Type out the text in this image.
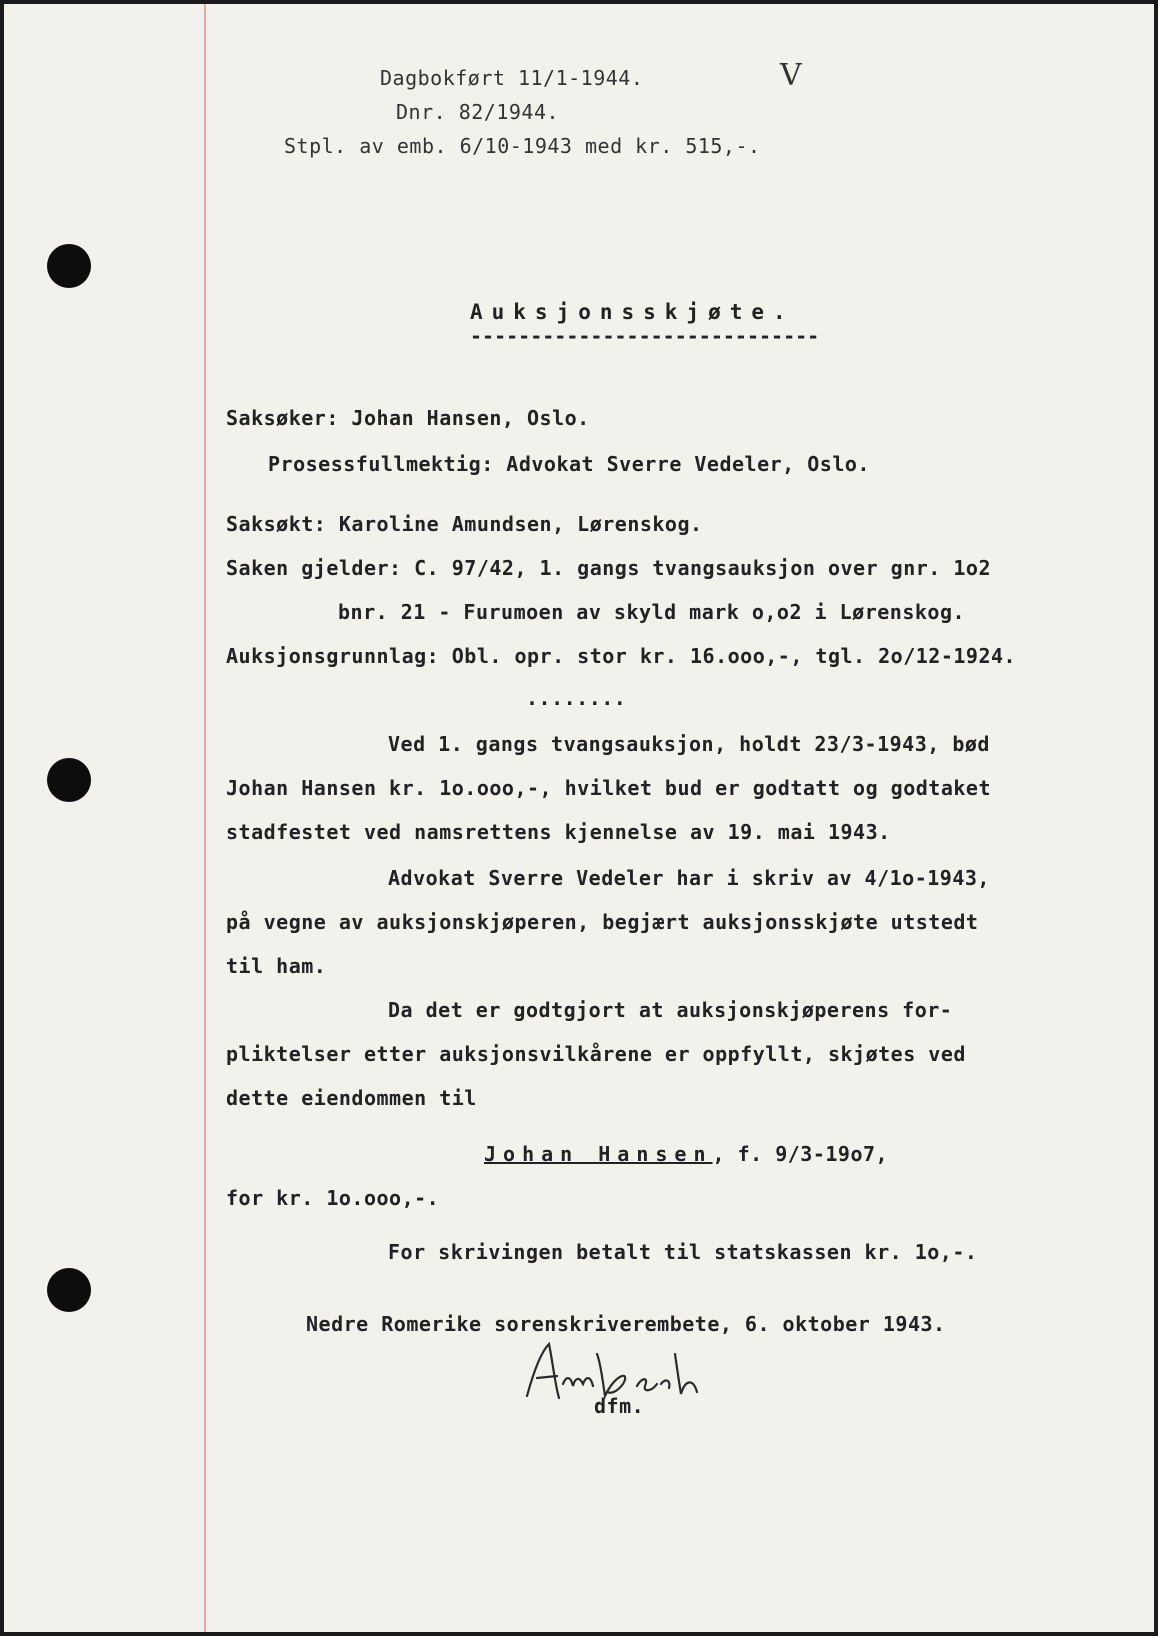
Dagbokført 11/1-1944.	V
Dnr. 82/1944.
Stpl. av emb. 6/10-1943 med kr. 515,-.
Auksjonsskjøte.
-----------------------------
Saksøker: Johan Hansen, Oslo.
Prosessfullmektig: Advokat Sverre Vedeler, Oslo.
Saksøkt: Karoline Amundsen, Lørenskog.
Saken gjelder: C. 97/42, 1. gangs tvangsauksjon over gnr. 1o2
bnr. 21 - Furumoen av skyld mark o,o2 i Lørenskog.
Auksjonsgrunnlag: Obl. opr. stor kr. 16.ooo,-, tgl. 2o/12-1924.
........
Ved 1. gangs tvangsauksjon, holdt 23/3-1943, bød
Johan Hansen kr. 1o.ooo,-, hvilket bud er godtatt og godtaket
stadfestet ved namsrettens kjennelse av 19. mai 1943.
Advokat Sverre Vedeler har i skriv av 4/1o-1943,
på vegne av auksjonskjøperen, begjært auksjonsskjøte utstedt
til ham.
Da det er godtgjort at auksjonskjøperens for-
pliktelser etter auksjonsvilkårene er oppfyllt, skjøtes ved
dette eiendommen til
Johan Hansen, f. 9/3-19o7,
for kr. 1o.ooo,-.
For skrivingen betalt til statskassen kr. 1o,-.
Nedre Romerike sorenskriverembete, 6. oktober 1943.
dfm.
